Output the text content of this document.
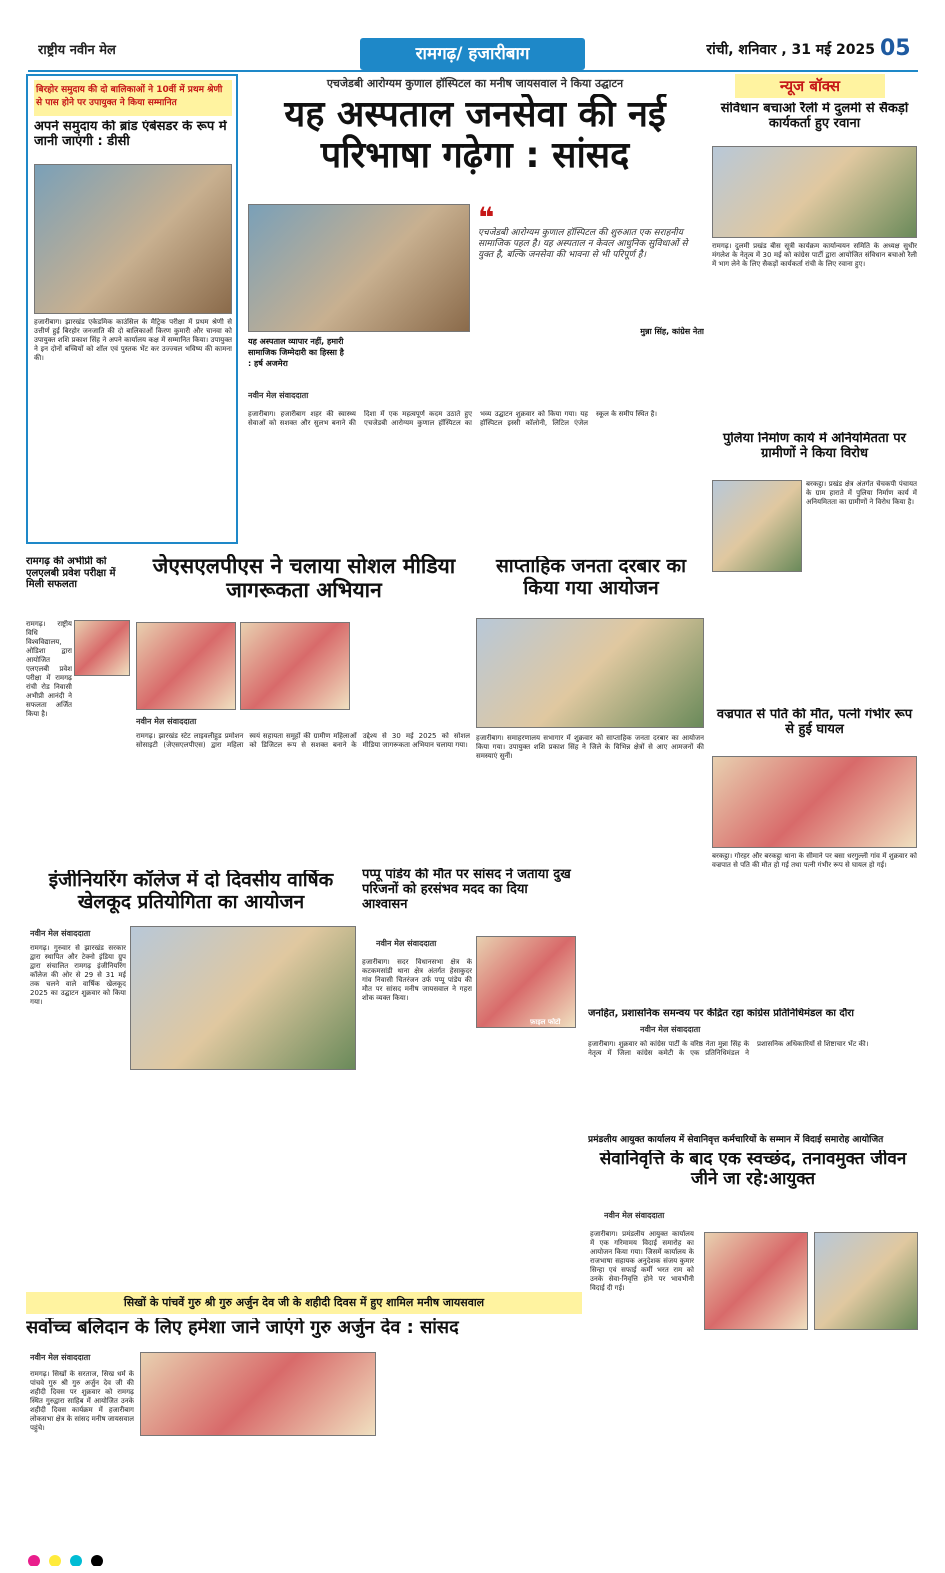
राष्ट्रीय नवीन मेल	रामगढ़/ हजारीबाग	रांची, शनिवार , 31 मई 2025 05
बिरहोर समुदाय की दो बालिकाओं ने 10वीं में प्रथम श्रेणी से पास होने पर उपायुक्त ने किया सम्मानित
अपने समुदाय की ब्रांड एंबेसडर के रूप में जानी जाएंगी : डीसी
हजारीबाग। झारखंड एकेडमिक काउंसिल के मैट्रिक परीक्षा में प्रथम श्रेणी से उत्तीर्ण हुई बिरहोर जनजाति की दो बालिकाओं किरण कुमारी और चानवा को उपायुक्त शशि प्रकाश सिंह ने अपने कार्यालय कक्ष में सम्मानित किया। उपायुक्त ने इन दोनों बच्चियों को शॉल एवं पुस्तक भेंट कर उज्ज्वल भविष्य की कामना की।
एचजेडबी आरोग्यम कुणाल हॉस्पिटल का मनीष जायसवाल ने किया उद्घाटन
यह अस्पताल जनसेवा की नई परिभाषा गढ़ेगा : सांसद
यह अस्पताल व्यापार नहीं, हमारी सामाजिक जिम्मेदारी का हिस्सा है : हर्ष अजमेरा
नवीन मेल संवाददाता
❝
एचजेडबी आरोग्यम कुणाल हॉस्पिटल की शुरुआत एक सराहनीय सामाजिक पहल है। यह अस्पताल न केवल आधुनिक सुविधाओं से युक्त है, बल्कि जनसेवा की भावना से भी परिपूर्ण है।
मुन्ना सिंह, कांग्रेस नेता
हजारीबाग। हजारीबाग शहर की स्वास्थ्य सेवाओं को सशक्त और सुलभ बनाने की दिशा में एक महत्वपूर्ण कदम उठाते हुए एचजेडबी आरोग्यम कुणाल हॉस्पिटल का भव्य उद्घाटन शुक्रवार को किया गया। यह हॉस्पिटल इस्सी कॉलोनी, लिटिल एंजेल स्कूल के समीप स्थित है।
न्यूज बॉक्स
संविधान बचाओ रैली में दुलमी से सैकड़ों कार्यकर्ता हुए रवाना
रामगढ़। दुलमी प्रखंड बीस सूत्री कार्यक्रम कार्यान्वयन समिति के अध्यक्ष सुधीर मंगलेश के नेतृत्व में 30 मई को कांग्रेस पार्टी द्वारा आयोजित संविधान बचाओ रैली में भाग लेने के लिए सैकड़ों कार्यकर्ता रांची के लिए रवाना हुए।
पुलिया निर्माण कार्य में अनियमितता पर ग्रामीणों ने किया विरोध
बरकट्ठा। प्रखंड क्षेत्र अंतर्गत चेचकपी पंचायत के ग्राम हाराते में पुलिया निर्माण कार्य में अनियमितता का ग्रामीणों ने विरोध किया है।
वज्रपात से पति की मौत, पत्नी गंभीर रूप से हुई घायल
बरकट्ठा। गोरहर और बरकट्ठा थाना के सीमाने पर बसा धरगुल्ली गांव में शुक्रवार को वज्रपात से पति की मौत हो गई तथा पत्नी गंभीर रूप से घायल हो गई।
रामगढ़ की अभीप्री को एलएलबी प्रवेश परीक्षा में मिली सफलता
रामगढ़। राष्ट्रीय विधि विश्वविद्यालय, ओडिशा द्वारा आयोजित एलएलबी प्रवेश परीक्षा में रामगढ़ रांची रोड निवासी अभीप्री आनंदी ने सफलता अर्जित किया है।
जेएसएलपीएस ने चलाया सोशल मीडिया जागरूकता अभियान
नवीन मेल संवाददाता
रामगढ़। झारखंड स्टेट लाइवलीहुड प्रमोशन सोसाइटी (जेएसएलपीएस) द्वारा महिला स्वयं सहायता समूहों की ग्रामीण महिलाओं को डिजिटल रूप से सशक्त बनाने के उद्देश्य से 30 मई 2025 को सोशल मीडिया जागरूकता अभियान चलाया गया।
साप्ताहिक जनता दरबार का किया गया आयोजन
हजारीबाग। समाहरणालय सभागार में शुक्रवार को साप्ताहिक जनता दरबार का आयोजन किया गया। उपायुक्त शशि प्रकाश सिंह ने जिले के विभिन्न क्षेत्रों से आए आमजनों की समस्याएं सुनीं।
इंजीनियरिंग कॉलेज में दो दिवसीय वार्षिक खेलकूद प्रतियोगिता का आयोजन
नवीन मेल संवाददाता
रामगढ़। गुरुवार से झारखंड सरकार द्वारा स्थापित और टेक्नो इंडिया ग्रुप द्वारा संचालित रामगढ़ इंजीनियरिंग कॉलेज की ओर से 29 से 31 मई तक चलने वाले वार्षिक खेलकूद 2025 का उद्घाटन शुक्रवार को किया गया।
पप्पू पांडेय की मौत पर सांसद ने जताया दुख परिजनों को हरसंभव मदद का दिया आश्वासन
नवीन मेल संवाददाता
फ़ाइल फोटो
हजारीबाग। सदर विधानसभा क्षेत्र के कटकमसांडी थाना क्षेत्र अंतर्गत हेसाकुदर गांव निवासी चितरंजन उर्फ पप्पू पांडेय की मौत पर सांसद मनीष जायसवाल ने गहरा शोक व्यक्त किया।
जनहित, प्रशासनिक समन्वय पर केंद्रित रहा कांग्रेस प्रतिनिधिमंडल का दौरा
नवीन मेल संवाददाता
हजारीबाग। शुक्रवार को कांग्रेस पार्टी के वरिष्ठ नेता मुन्ना सिंह के नेतृत्व में जिला कांग्रेस कमेटी के एक प्रतिनिधिमंडल ने प्रशासनिक अधिकारियों से शिष्टाचार भेंट की।
प्रमंडलीय आयुक्त कार्यालय में सेवानिवृत्त कर्मचारियों के सम्मान में विदाई समारोह आयोजित
सेवानिवृत्ति के बाद एक स्वच्छंद, तनावमुक्त जीवन जीने जा रहे:आयुक्त
नवीन मेल संवाददाता
हजारीबाग। प्रमंडलीय आयुक्त कार्यालय में एक गरिमामय विदाई समारोह का आयोजन किया गया। जिसमें कार्यालय के राजभाषा सहायक अनुदेशक संजय कुमार सिन्हा एवं सफाई कर्मी भरत राम को उनके सेवा-निवृत्ति होने पर भावभीनी विदाई दी गई।
सिखों के पांचवें गुरु श्री गुरु अर्जुन देव जी के शहीदी दिवस में हुए शामिल मनीष जायसवाल
सर्वोच्च बलिदान के लिए हमेशा जाने जाएंगे गुरु अर्जुन देव : सांसद
नवीन मेल संवाददाता
रामगढ़। सिखों के सरताज, सिख धर्म के पांचवे गुरु श्री गुरु अर्जुन देव जी की शहीदी दिवस पर शुक्रवार को रामगढ़ स्थित गुरुद्वारा साहिब में आयोजित उनके शहीदी दिवस कार्यक्रम में हजारीबाग लोकसभा क्षेत्र के सांसद मनीष जायसवाल पहुंचे।
